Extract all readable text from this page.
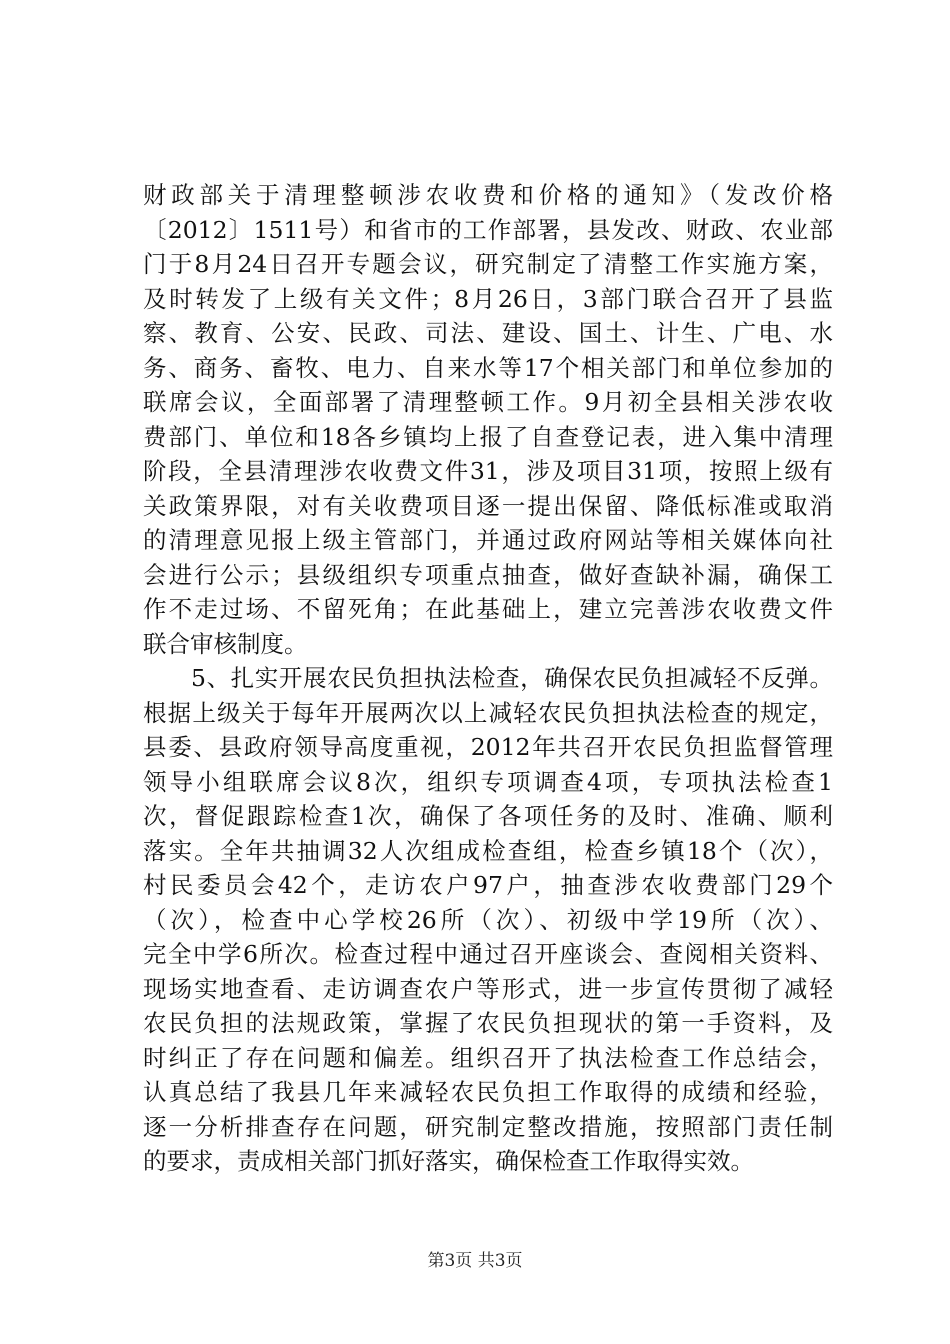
财政部关于清理整顿涉农收费和价格的通知》（发改价格
〔2012〕1511号）和省市的工作部署，县发改、财政、农业部
门于8月24日召开专题会议，研究制定了清整工作实施方案，
及时转发了上级有关文件；8月26日，3部门联合召开了县监
察、教育、公安、民政、司法、建设、国土、计生、广电、水
务、商务、畜牧、电力、自来水等17个相关部门和单位参加的
联席会议，全面部署了清理整顿工作。9月初全县相关涉农收
费部门、单位和18各乡镇均上报了自查登记表，进入集中清理
阶段，全县清理涉农收费文件31，涉及项目31项，按照上级有
关政策界限，对有关收费项目逐一提出保留、降低标准或取消
的清理意见报上级主管部门，并通过政府网站等相关媒体向社
会进行公示；县级组织专项重点抽查，做好查缺补漏，确保工
作不走过场、不留死角；在此基础上，建立完善涉农收费文件
联合审核制度。
5、扎实开展农民负担执法检查，确保农民负担减轻不反弹。
根据上级关于每年开展两次以上减轻农民负担执法检查的规定，
县委、县政府领导高度重视，2012年共召开农民负担监督管理
领导小组联席会议8次，组织专项调查4项，专项执法检查1
次，督促跟踪检查1次，确保了各项任务的及时、准确、顺利
落实。全年共抽调32人次组成检查组，检查乡镇18个（次），
村民委员会42个，走访农户97户，抽查涉农收费部门29个
（次），检查中心学校26所（次）、初级中学19所（次）、
完全中学6所次。检查过程中通过召开座谈会、查阅相关资料、
现场实地查看、走访调查农户等形式，进一步宣传贯彻了减轻
农民负担的法规政策，掌握了农民负担现状的第一手资料，及
时纠正了存在问题和偏差。组织召开了执法检查工作总结会，
认真总结了我县几年来减轻农民负担工作取得的成绩和经验，
逐一分析排查存在问题，研究制定整改措施，按照部门责任制
的要求，责成相关部门抓好落实，确保检查工作取得实效。
第3页 共3页
